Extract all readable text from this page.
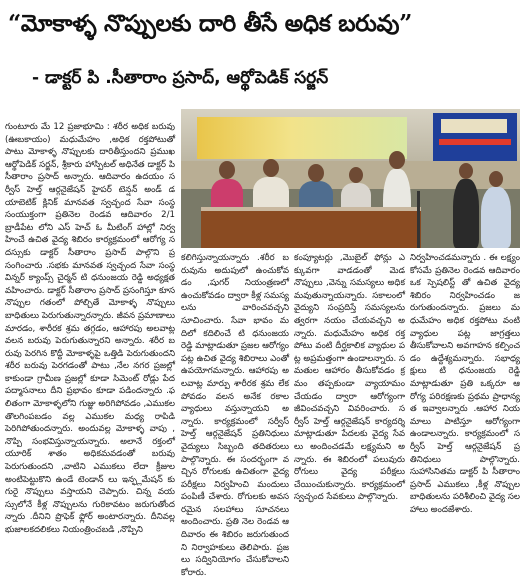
“మోకాళ్ళ నొప్పులకు దారి తీసే అధిక బరువు”
- డాక్టర్ పి .సీతారాం ప్రసాద్, ఆర్థోపెడిక్ సర్జన్
గుంటూరు మే 12 ప్రజాభూమి : శరీర అధిక బరువు (ఊబకాయం) మధుమేహం ,అధిక రక్తపోటుతో పాటు మోకాళ్ళ నొప్పులకు దారితీస్తుందని ప్రముఖ ఆర్థోపెడిక్ సర్జన్, శ్రీకారు హాస్పిటల్ అధినేత డాక్టర్ పి సీతారాం ప్రసాద్ అన్నారు. ఆదివారం ఉదయం సర్వీస్ హెల్త్ ఆర్గనైజేషన్ హైపర్ టెన్షన్ అండ్ డయాబెటిక్ క్లినిక్ మానవత స్వచ్ఛంద సేవా సంస్థ సంయుక్తంగా ప్రతినెల రెండవ ఆదివారం 2/1 బ్రాడీపేట లోని ఎస్ హెచ్ ఓ మీటింగ్ హాల్లో నిర్వహించే ఉచిత వైద్య శిబిరం కార్యక్రమంలో ఆరోగ్య సదస్సుకు డాక్టర్ సీతారాం ప్రసాద్ పాల్గొని ప్రసంగించారు .సభకు మానవత స్వచ్ఛంద సేవా సంస్థ విన్నర్ క్యాంప్స్ చైర్మన్ టి ధనుంజయ రెడ్డి అధ్యక్షత వహించారు. డాక్టర్ సీతారాం ప్రసాద్ ప్రసంగిస్తూ కూసనొప్పుల గతంలో పోల్చితే మోకాళ్ళ నొప్పులు బాధితులు పెరుగుతున్నారన్నారు. జీవన ప్రమాణాలు మారడం, శారీరక శ్రమ తగ్గడం, ఆహారపు అలవాట్ల వలన బరువు పెరుగుతున్నారని అన్నారు. శరీర బరువు పెరగిన కొద్దీ మోకాళ్ళపై ఒత్తిడి పెరుగుతుందని శరీర బరువు పెరగడంతో పాటు ,నేల నగర ప్రజల్లో కాకుండా గ్రామీణ ప్రజల్లో కూడా సిమెంట్ రోడ్లు పేద పద్మాసనాలు దీని ప్రభావం కూడా పడిందన్నారు .ఫలితంగా మోకాళ్ళలోని గుజ్జు అరిగిపోవడం ,ఎముకల తొలగింపబడం వల్ల ఎముకల మధ్య రాపిడి పెరిగిపోతుందన్నారు. అందువల్ల మోకాళ్ళ వాపు ,నొప్పి సంభవిస్తున్నాయన్నారు. అలానే రక్తంలో యూరిక్ శాతం అధికమవడంతో బరువు పెరుగుతుందని ,వాటిని ఎముకలు లేదా క్రీజుల అంటిపెట్టుకొని ఉండే టెండాన్ లు ఇన్ఫ్లమేషన్ కు గురై నొప్పులు వస్తాయని చెప్పారు. చిన్న వయస్సులోనే కీళ్ల నొప్పులను గురికావటం జరుగుతోందన్నారు .దీనిని ప్రొఫెక్ ఫ్లోర్ అంటారన్నారు. దీనివల్ల భుజాలకదలికలు నియంత్రించబడి ,నొప్పిని
కలిగిస్తున్నాయన్నారు .శరీర బరువును అదుపులో ఉంచుకోవడం ,షుగర్ నియంత్రణలో ఉంచుకోవడం ద్వారా కీళ్ల సమస్యలను వారించవచ్చని సూచించారు. సేవా భావం మదిలో కదిలించే టి ధనుంజయ రెడ్డి మాట్లాడుతూ ప్రజల ఆరోగ్యం పట్ల ఉచిత వైద్య శిబిరాలు ఎంతో ఉపయోగమన్నారు. ఆహారపు అలవాట్ల మార్పు శారీరక శ్రమ లేకపోవడం వలన అనేక రకాల వ్యాధులు వస్తున్నాయని అన్నారు. కార్యక్రమంలో సర్వీస్ హెల్త్ ఆర్గనైజేషన్ ప్రతినిధులు వైద్యులు సిబ్బంది తదితరులు పాల్గొన్నారు. ఈ సందర్భంగా వచ్చిన రోగులకు ఉచితంగా వైద్య పరీక్షలు నిర్వహించి మందులు పంపిణీ చేశారు. రోగులకు అవసరమైన సలహాలు సూచనలు అందించారు. ప్రతి నెల రెండవ ఆదివారం ఈ శిబిరం జరుగుతుందని నిర్వాహకులు తెలిపారు. ప్రజలు సద్వినియోగం చేసుకోవాలని కోరారు.
కంప్యూటర్లు ,మొబైల్ ఫోన్లు ఎక్కువగా వాడడంతో మెడ నొప్పులు ,వెన్ను సమస్యలు అధికమవుతున్నాయన్నారు. సకాలంలో వైద్యుని సంప్రదిస్తే సమస్యలను త్వరగా నయం చేయవచ్చని అన్నారు. మధుమేహం అధిక రక్తపోటు వంటి దీర్ఘకాలిక వ్యాధుల పట్ల అప్రమత్తంగా ఉండాలన్నారు. సమతుల ఆహారం తీసుకోవడం క్రమం తప్పకుండా వ్యాయామం చేయడం ద్వారా ఆరోగ్యంగా జీవించవచ్చని వివరించారు. సర్వీస్ హెల్త్ ఆర్గనైజేషన్ కార్యదర్శి మాట్లాడుతూ పేదలకు వైద్య సేవలు అందించడమే లక్ష్యమని అన్నారు. ఈ శిబిరంలో పలువురు రోగులు వైద్య పరీక్షలు చేయించుకున్నారు. కార్యక్రమంలో స్వచ్ఛంద సేవకులు పాల్గొన్నారు.
నిర్వహించడమన్నారు . ఈ లక్ష్యం కోసమే ప్రతినెల రెండవ ఆదివారం ఒక స్పెషలిస్ట్ తో ఉచిత వైద్య శిబిరం నిర్వహించడం జరుగుతుందన్నారు. ప్రజలు మధుమేహం అధిక రక్తపోటు వంటి వ్యాధుల పట్ల జాగ్రత్తలు తీసుకోవాలని అవగాహన కల్పించడం ఉద్దేశ్యమన్నారు. సభాధ్యక్షులు టి ధనుంజయ రెడ్డి మాట్లాడుతూ ప్రతి ఒక్కరూ ఆరోగ్య పరిరక్షణకు ప్రథమ ప్రాధాన్యత ఇవ్వాలన్నారు .ఆహార నియమాలు పాటిస్తూ ఆరోగ్యంగా ఉండాలన్నారు. కార్యక్రమంలో సర్వీస్ హెల్త్ ఆర్గనైజేషన్ ప్రతినిధులు పాల్గొన్నారు. సుహాసినితమ డాక్టర్ పి సీతారాం ప్రసాద్ ఎముకలు ,కీళ్ల నొప్పుల బాధితులను పరిశీలించి వైద్య సలహాలు అందజేశారు.
